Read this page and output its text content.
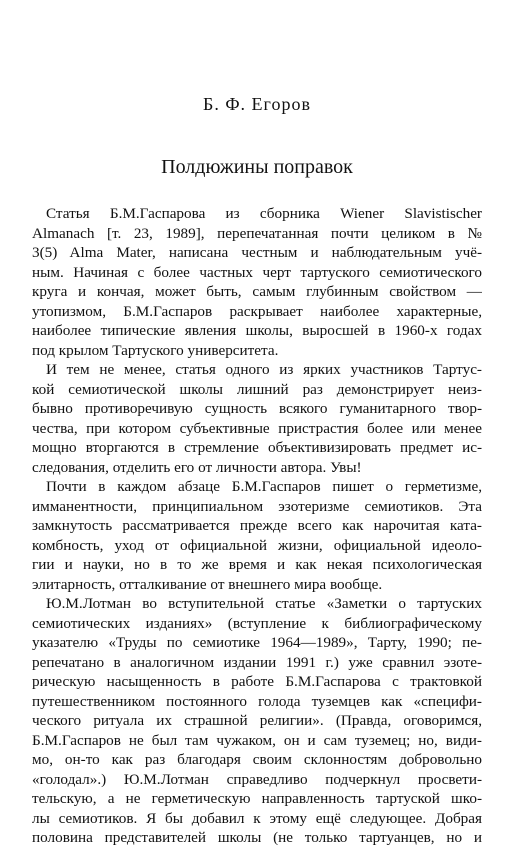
Б. Ф. Егоров
Полдюжины поправок
Статья Б.М.Гаспарова из сборника Wiener Slavistischer
Almanach [т. 23, 1989], перепечатанная почти целиком в №
3(5) Alma Mater, написана честным и наблюдательным учё-
ным. Начиная с более частных черт тартуского семиотического
круга и кончая, может быть, самым глубинным свойством —
утопизмом, Б.М.Гаспаров раскрывает наиболее характерные,
наиболее типические явления школы, выросшей в 1960-х годах
под крылом Тартуского университета.
И тем не менее, статья одного из ярких участников Тартус-
кой семиотической школы лишний раз демонстрирует неиз-
бывно противоречивую сущность всякого гуманитарного твор-
чества, при котором субъективные пристрастия более или менее
мощно вторгаются в стремление объективизировать предмет ис-
следования, отделить его от личности автора. Увы!
Почти в каждом абзаце Б.М.Гаспаров пишет о герметизме,
имманентности, принципиальном эзотеризме семиотиков. Эта
замкнутость рассматривается прежде всего как нарочитая ката-
комбность, уход от официальной жизни, официальной идеоло-
гии и науки, но в то же время и как некая психологическая
элитарность, отталкивание от внешнего мира вообще.
Ю.М.Лотман во вступительной статье «Заметки о тартуских
семиотических изданиях» (вступление к библиографическому
указателю «Труды по семиотике 1964—1989», Тарту, 1990; пе-
репечатано в аналогичном издании 1991 г.) уже сравнил эзоте-
рическую насыщенность в работе Б.М.Гаспарова с трактовкой
путешественником постоянного голода туземцев как «специфи-
ческого ритуала их страшной религии». (Правда, оговоримся,
Б.М.Гаспаров не был там чужаком, он и сам туземец; но, види-
мо, он-то как раз благодаря своим склонностям добровольно
«голодал».) Ю.М.Лотман справедливо подчеркнул просвети-
тельскую, а не герметическую направленность тартуской шко-
лы семиотиков. Я бы добавил к этому ещё следующее. Добрая
половина представителей школы (не только тартуанцев, но и
